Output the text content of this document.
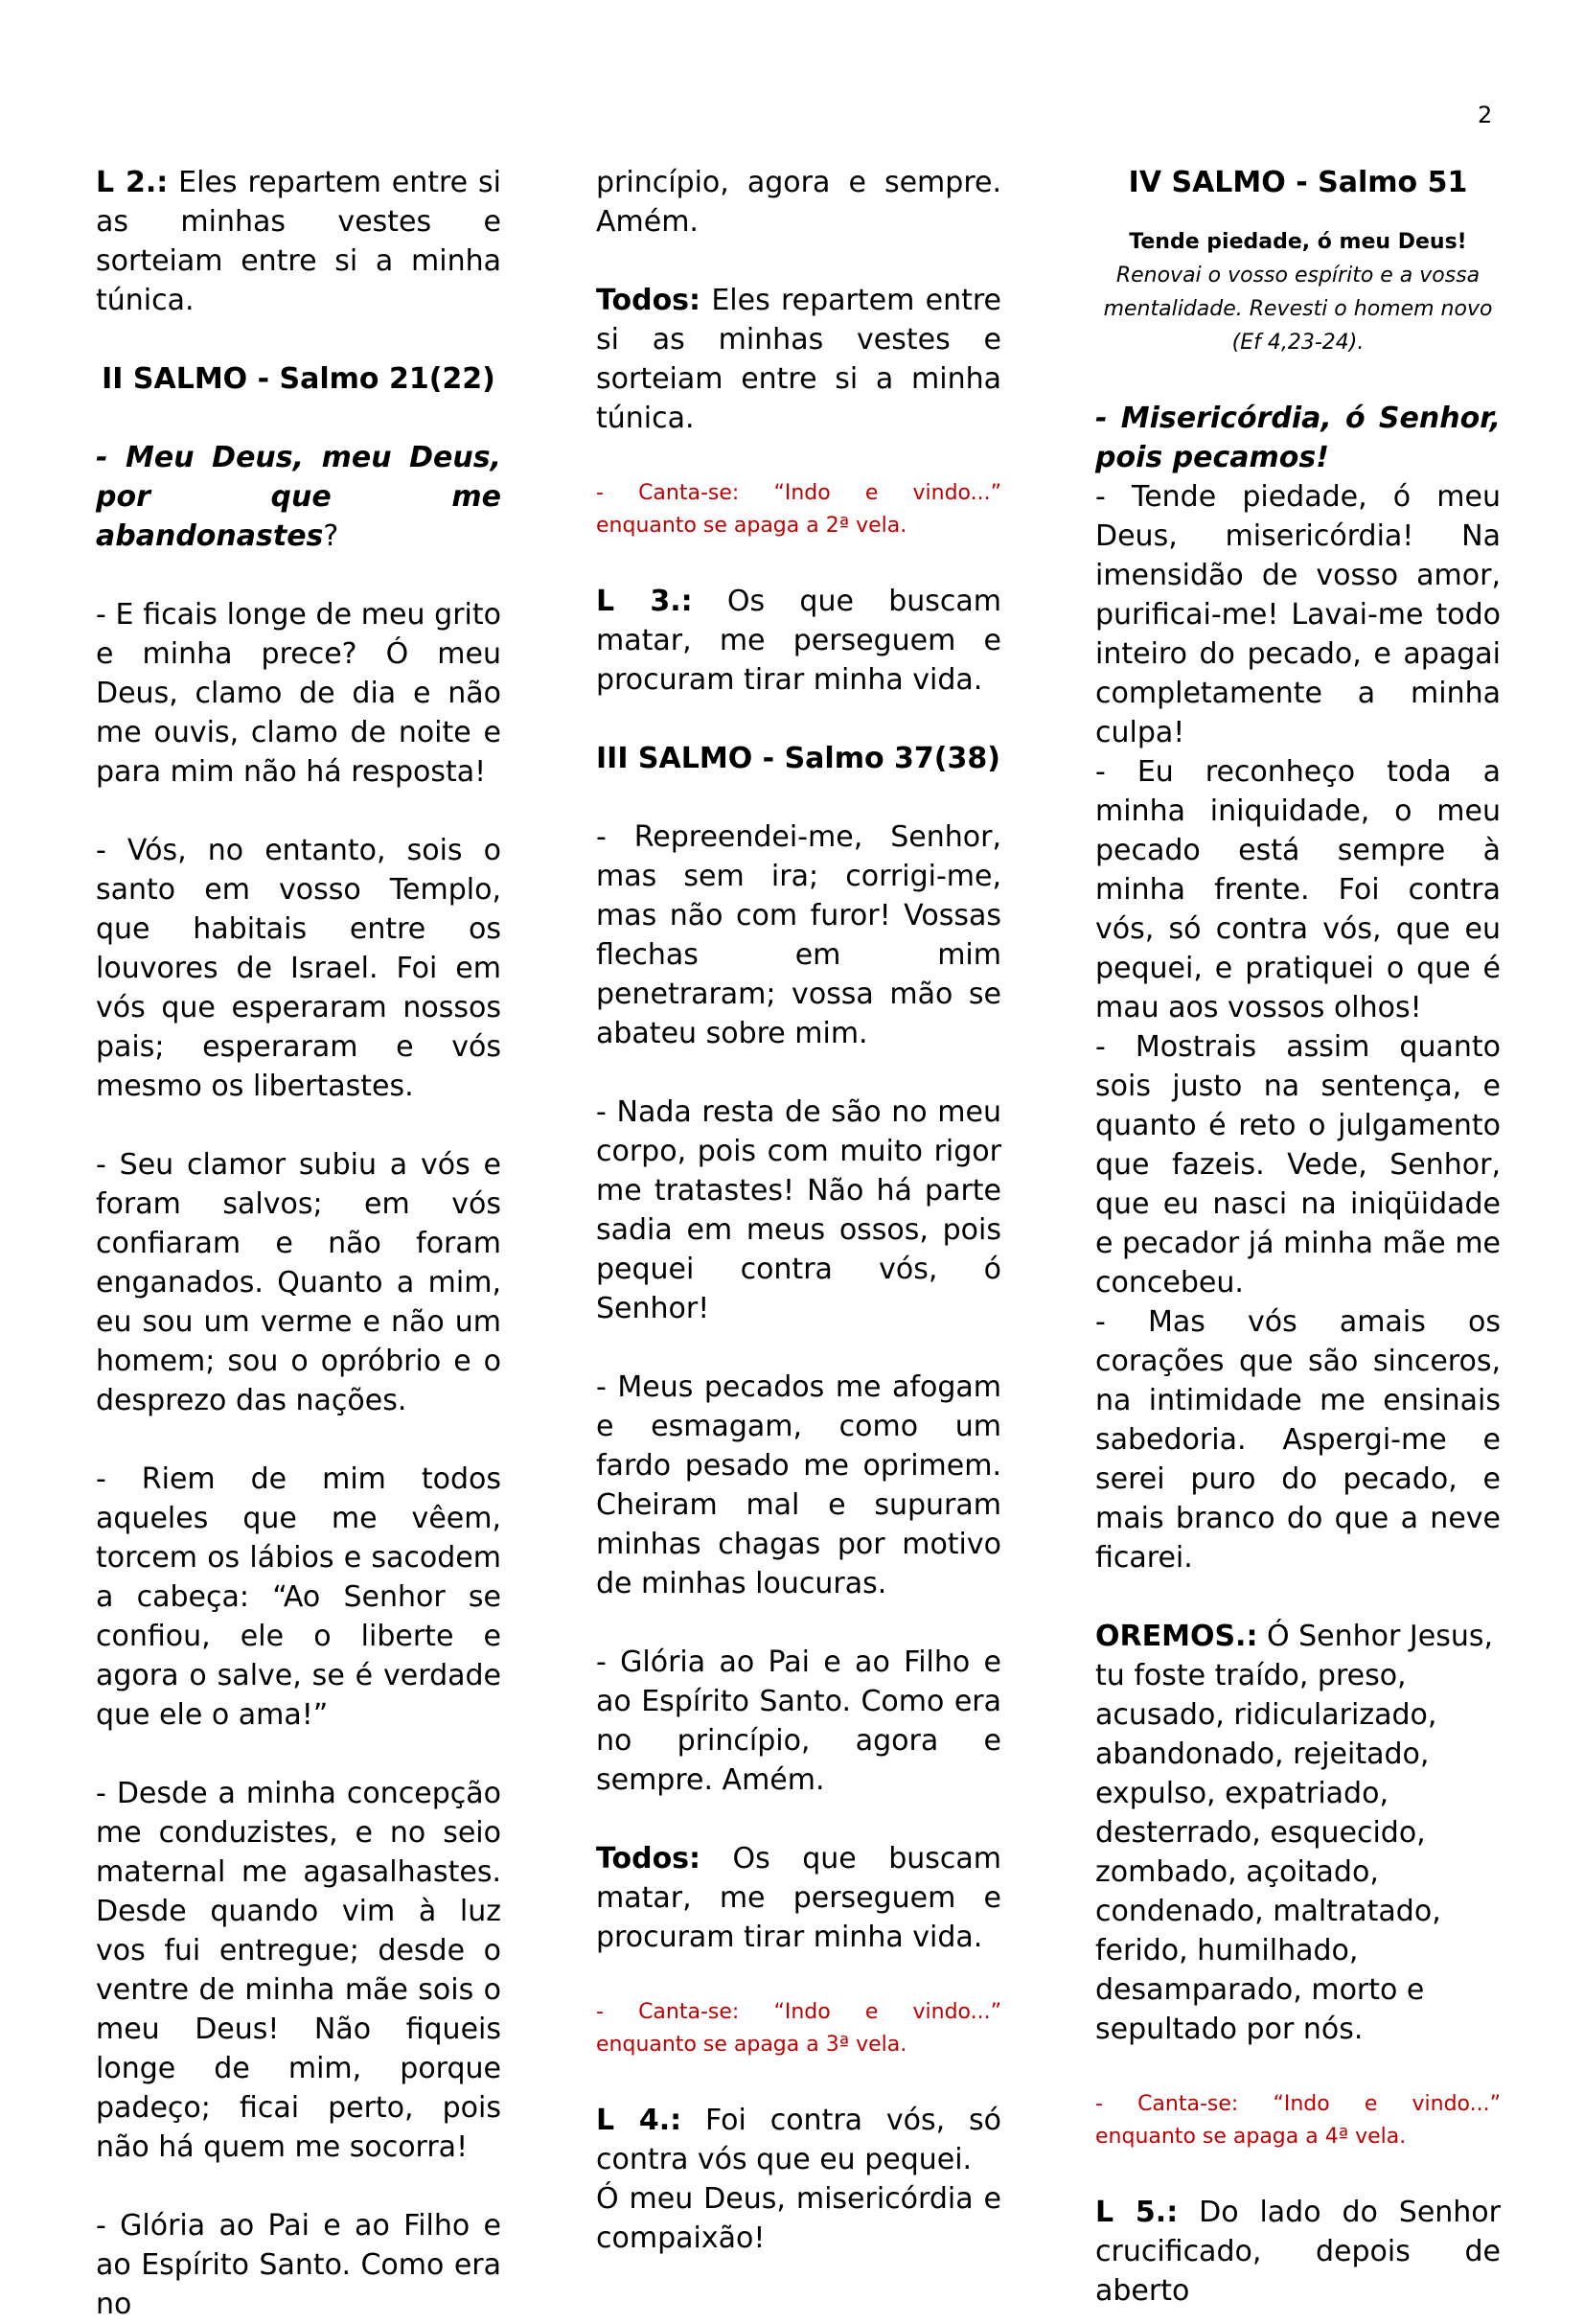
2

L 2.: Eles repartem entre si as minhas vestes e sorteiam entre si a minha túnica.

II SALMO - Salmo 21(22)

- Meu Deus, meu Deus, por que me abandonastes?

- E ficais longe de meu grito e minha prece? Ó meu Deus, clamo de dia e não me ouvis, clamo de noite e para mim não há resposta!

- Vós, no entanto, sois o santo em vosso Templo, que habitais entre os louvores de Israel. Foi em vós que esperaram nossos pais; esperaram e vós mesmo os libertastes.

- Seu clamor subiu a vós e foram salvos; em vós confiaram e não foram enganados. Quanto a mim, eu sou um verme e não um homem; sou o opróbrio e o desprezo das nações.

- Riem de mim todos aqueles que me vêem, torcem os lábios e sacodem a cabeça: “Ao Senhor se confiou, ele o liberte e agora o salve, se é verdade que ele o ama!”

- Desde a minha concepção me conduzistes, e no seio maternal me agasalhastes. Desde quando vim à luz vos fui entregue; desde o ventre de minha mãe sois o meu Deus! Não fiqueis longe de mim, porque padeço; ficai perto, pois não há quem me socorra!

- Glória ao Pai e ao Filho e ao Espírito Santo. Como era no

princípio, agora e sempre. Amém.

Todos: Eles repartem entre si as minhas vestes e sorteiam entre si a minha túnica.

- Canta-se: “Indo e vindo...”
enquanto se apaga a 2ª vela.

L 3.: Os que buscam matar, me perseguem e procuram tirar minha vida.

III SALMO - Salmo 37(38)

- Repreendei-me, Senhor, mas sem ira; corrigi-me, mas não com furor! Vossas flechas em mim penetraram; vossa mão se abateu sobre mim.

- Nada resta de são no meu corpo, pois com muito rigor me tratastes! Não há parte sadia em meus ossos, pois pequei contra vós, ó Senhor!

- Meus pecados me afogam e esmagam, como um fardo pesado me oprimem. Cheiram mal e supuram minhas chagas por motivo de minhas loucuras.

- Glória ao Pai e ao Filho e ao Espírito Santo. Como era no princípio, agora e sempre. Amém.

Todos: Os que buscam matar, me perseguem e procuram tirar minha vida.

- Canta-se: “Indo e vindo...”
enquanto se apaga a 3ª vela.

L 4.: Foi contra vós, só contra vós que eu pequei.

Ó meu Deus, misericórdia e compaixão!

IV SALMO - Salmo 51
Tende piedade, ó meu Deus!
Renovai o vosso espírito e a vossa mentalidade. Revesti o homem novo (Ef 4,23-24).

- Misericórdia, ó Senhor, pois pecamos!

- Tende piedade, ó meu Deus, misericórdia! Na imensidão de vosso amor, purificai-me! Lavai-me todo inteiro do pecado, e apagai completamente a minha culpa!

- Eu reconheço toda a minha iniquidade, o meu pecado está sempre à minha frente. Foi contra vós, só contra vós, que eu pequei, e pratiquei o que é mau aos vossos olhos!

- Mostrais assim quanto sois justo na sentença, e quanto é reto o julgamento que fazeis. Vede, Senhor, que eu nasci na iniqüidade e pecador já minha mãe me concebeu.

- Mas vós amais os corações que são sinceros, na intimidade me ensinais sabedoria. Aspergi-me e serei puro do pecado, e mais branco do que a neve ficarei.

OREMOS.: Ó Senhor Jesus, tu foste traído, preso, acusado, ridicularizado, abandonado, rejeitado, expulso, expatriado, desterrado, esquecido, zombado, açoitado, condenado, maltratado, ferido, humilhado, desamparado, morto e sepultado por nós.

- Canta-se: “Indo e vindo...”
enquanto se apaga a 4ª vela.

L 5.: Do lado do Senhor crucificado, depois de aberto
